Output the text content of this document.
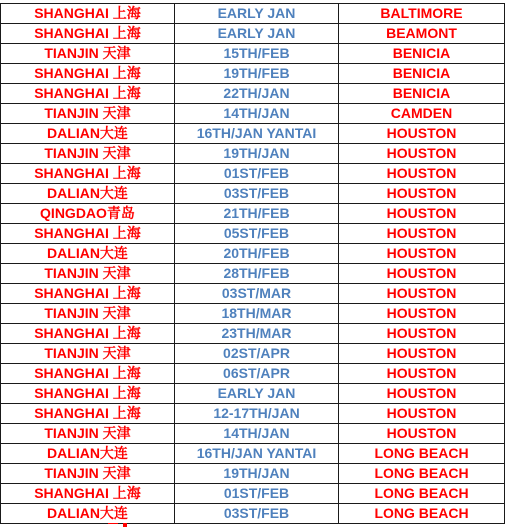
SHANGHAI 上海	EARLY JAN	BALTIMORE
SHANGHAI 上海	EARLY JAN	BEAMONT
TIANJIN 天津	15TH/FEB	BENICIA
SHANGHAI 上海	19TH/FEB	BENICIA
SHANGHAI 上海	22TH/JAN	BENICIA
TIANJIN 天津	14TH/JAN	CAMDEN
DALIAN大连	16TH/JAN YANTAI	HOUSTON
TIANJIN 天津	19TH/JAN	HOUSTON
SHANGHAI 上海	01ST/FEB	HOUSTON
DALIAN大连	03ST/FEB	HOUSTON
QINGDAO青岛	21TH/FEB	HOUSTON
SHANGHAI 上海	05ST/FEB	HOUSTON
DALIAN大连	20TH/FEB	HOUSTON
TIANJIN 天津	28TH/FEB	HOUSTON
SHANGHAI 上海	03ST/MAR	HOUSTON
TIANJIN 天津	18TH/MAR	HOUSTON
SHANGHAI 上海	23TH/MAR	HOUSTON
TIANJIN 天津	02ST/APR	HOUSTON
SHANGHAI 上海	06ST/APR	HOUSTON
SHANGHAI 上海	EARLY JAN	HOUSTON
SHANGHAI 上海	12-17TH/JAN	HOUSTON
TIANJIN 天津	14TH/JAN	HOUSTON
DALIAN大连	16TH/JAN YANTAI	LONG BEACH
TIANJIN 天津	19TH/JAN	LONG BEACH
SHANGHAI 上海	01ST/FEB	LONG BEACH
DALIAN大连	03ST/FEB	LONG BEACH
